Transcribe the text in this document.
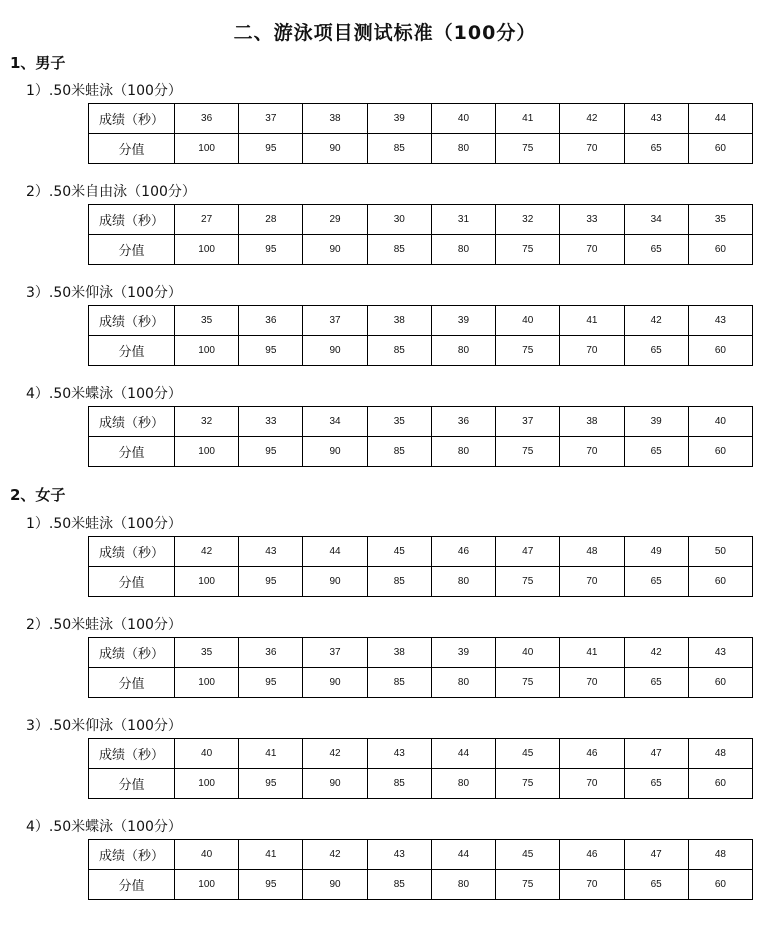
二、游泳项目测试标准（100分）
1、男子
1）.50米蛙泳（100分）
成绩（秒）	36	37	38	39	40	41	42	43	44
分值	100	95	90	85	80	75	70	65	60
2）.50米自由泳（100分）
成绩（秒）	27	28	29	30	31	32	33	34	35
分值	100	95	90	85	80	75	70	65	60
3）.50米仰泳（100分）
成绩（秒）	35	36	37	38	39	40	41	42	43
分值	100	95	90	85	80	75	70	65	60
4）.50米蝶泳（100分）
成绩（秒）	32	33	34	35	36	37	38	39	40
分值	100	95	90	85	80	75	70	65	60
2、女子
1）.50米蛙泳（100分）
成绩（秒）	42	43	44	45	46	47	48	49	50
分值	100	95	90	85	80	75	70	65	60
2）.50米蛙泳（100分）
成绩（秒）	35	36	37	38	39	40	41	42	43
分值	100	95	90	85	80	75	70	65	60
3）.50米仰泳（100分）
成绩（秒）	40	41	42	43	44	45	46	47	48
分值	100	95	90	85	80	75	70	65	60
4）.50米蝶泳（100分）
成绩（秒）	40	41	42	43	44	45	46	47	48
分值	100	95	90	85	80	75	70	65	60
